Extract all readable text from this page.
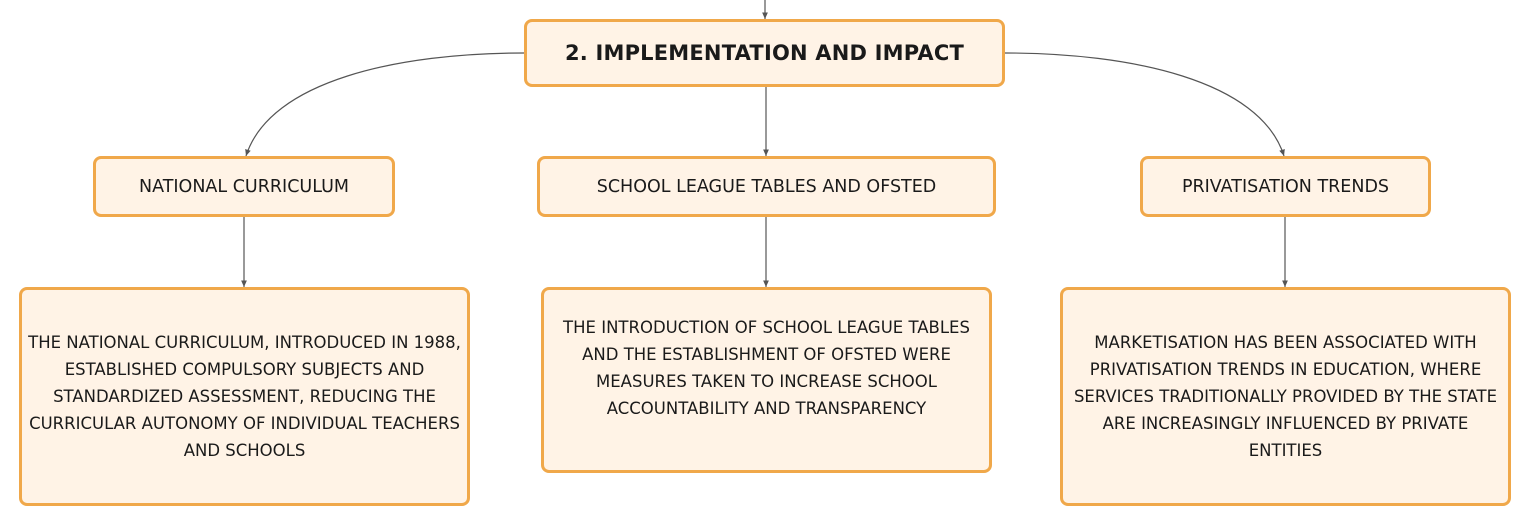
2. IMPLEMENTATION AND IMPACT
NATIONAL CURRICULUM	SCHOOL LEAGUE TABLES AND OFSTED	PRIVATISATION TRENDS
THE NATIONAL CURRICULUM, INTRODUCED IN 1988, ESTABLISHED COMPULSORY SUBJECTS AND STANDARDIZED ASSESSMENT, REDUCING THE CURRICULAR AUTONOMY OF INDIVIDUAL TEACHERS AND SCHOOLS
THE INTRODUCTION OF SCHOOL LEAGUE TABLES AND THE ESTABLISHMENT OF OFSTED WERE MEASURES TAKEN TO INCREASE SCHOOL ACCOUNTABILITY AND TRANSPARENCY
MARKETISATION HAS BEEN ASSOCIATED WITH PRIVATISATION TRENDS IN EDUCATION, WHERE SERVICES TRADITIONALLY PROVIDED BY THE STATE ARE INCREASINGLY INFLUENCED BY PRIVATE ENTITIES
